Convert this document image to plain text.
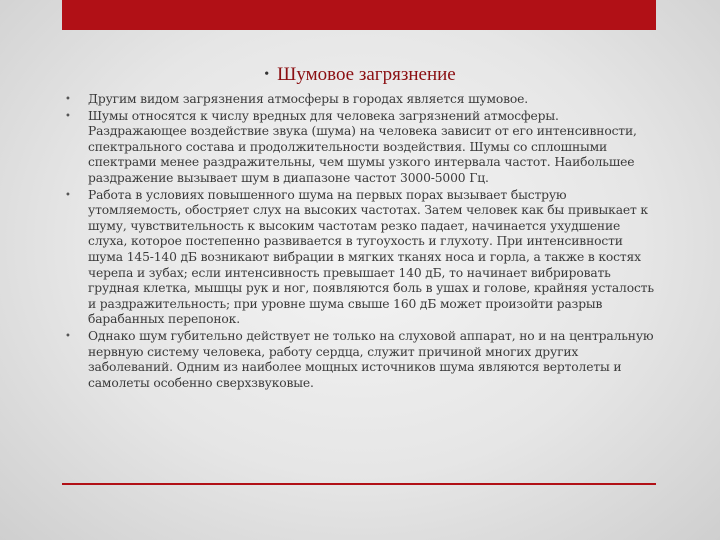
• Шумовое загрязнение
• Другим видом загрязнения атмосферы в городах является шумовое.
• Шумы относятся к числу вредных для человека загрязнений атмосферы. Раздражающее воздействие звука (шума) на человека зависит от его интенсивности, спектрального состава и продолжительности воздействия. Шумы со сплошными спектрами менее раздражительны, чем шумы узкого интервала частот. Наибольшее раздражение вызывает шум в диапазоне частот 3000-5000 Гц.
• Работа в условиях повышенного шума на первых порах вызывает быструю утомляемость, обостряет слух на высоких частотах. Затем человек как бы привыкает к шуму, чувствительность к высоким частотам резко падает, начинается ухудшение слуха, которое постепенно развивается в тугоухость и глухоту. При интенсивности шума 145-140 дБ возникают вибрации в мягких тканях носа и горла, а также в костях черепа и зубах; если интенсивность превышает 140 дБ, то начинает вибрировать грудная клетка, мышцы рук и ног, появляются боль в ушах и голове, крайняя усталость и раздражительность; при уровне шума свыше 160 дБ может произойти разрыв барабанных перепонок.
• Однако шум губительно действует не только на слуховой аппарат, но и на центральную нервную систему человека, работу сердца, служит причиной многих других заболеваний. Одним из наиболее мощных источников шума являются вертолеты и самолеты особенно сверхзвуковые.
